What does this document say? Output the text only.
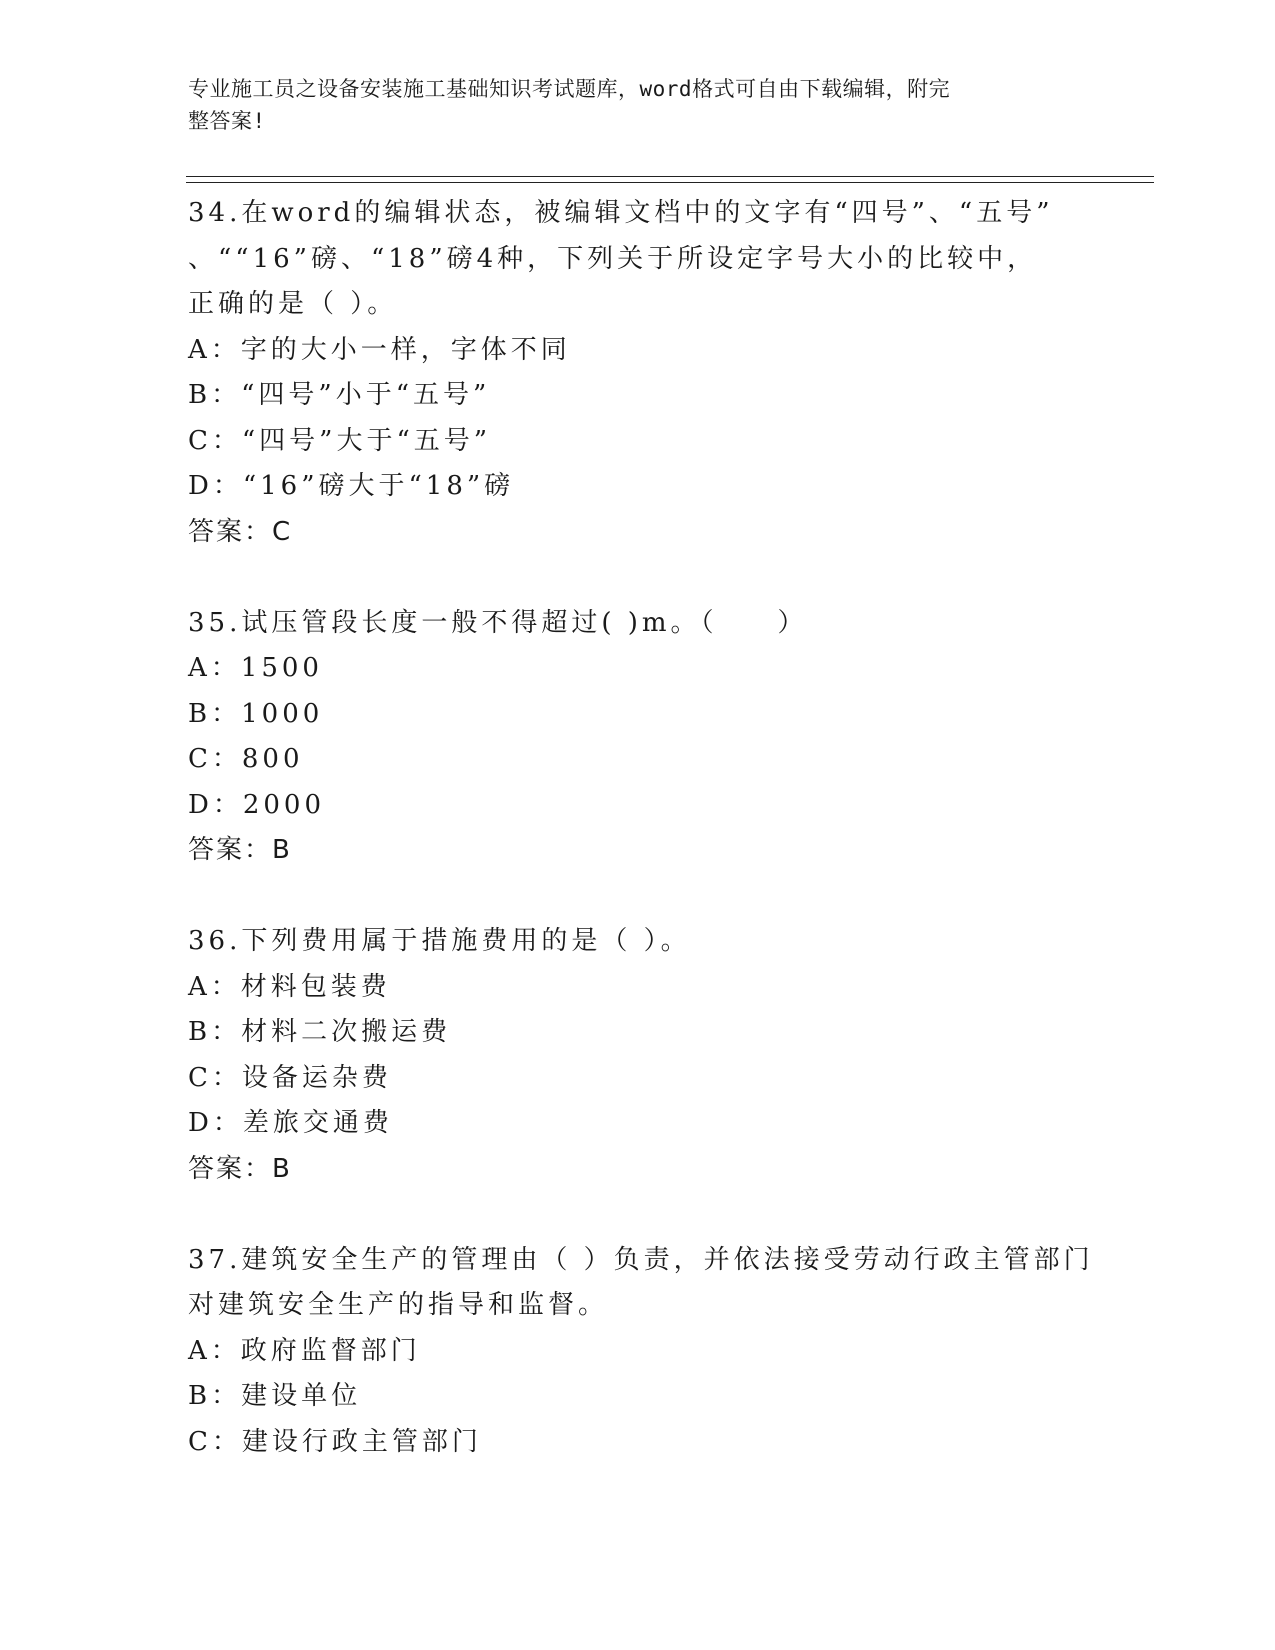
专业施工员之设备安装施工基础知识考试题库，word格式可自由下载编辑，附完
整答案!
34.在word的编辑状态，被编辑文档中的文字有“四号”、“五号”
、““16”磅、“18”磅4种，下列关于所设定字号大小的比较中，
正确的是（ ）。
A：字的大小一样，字体不同
B：“四号”小于“五号”
C：“四号”大于“五号”
D：“16”磅大于“18”磅
答案：C
35.试压管段长度一般不得超过( )m。（　　）
A：1500
B：1000
C：800
D：2000
答案：B
36.下列费用属于措施费用的是（ ）。
A：材料包装费
B：材料二次搬运费
C：设备运杂费
D：差旅交通费
答案：B
37.建筑安全生产的管理由（ ）负责，并依法接受劳动行政主管部门
对建筑安全生产的指导和监督。
A：政府监督部门
B：建设单位
C：建设行政主管部门
